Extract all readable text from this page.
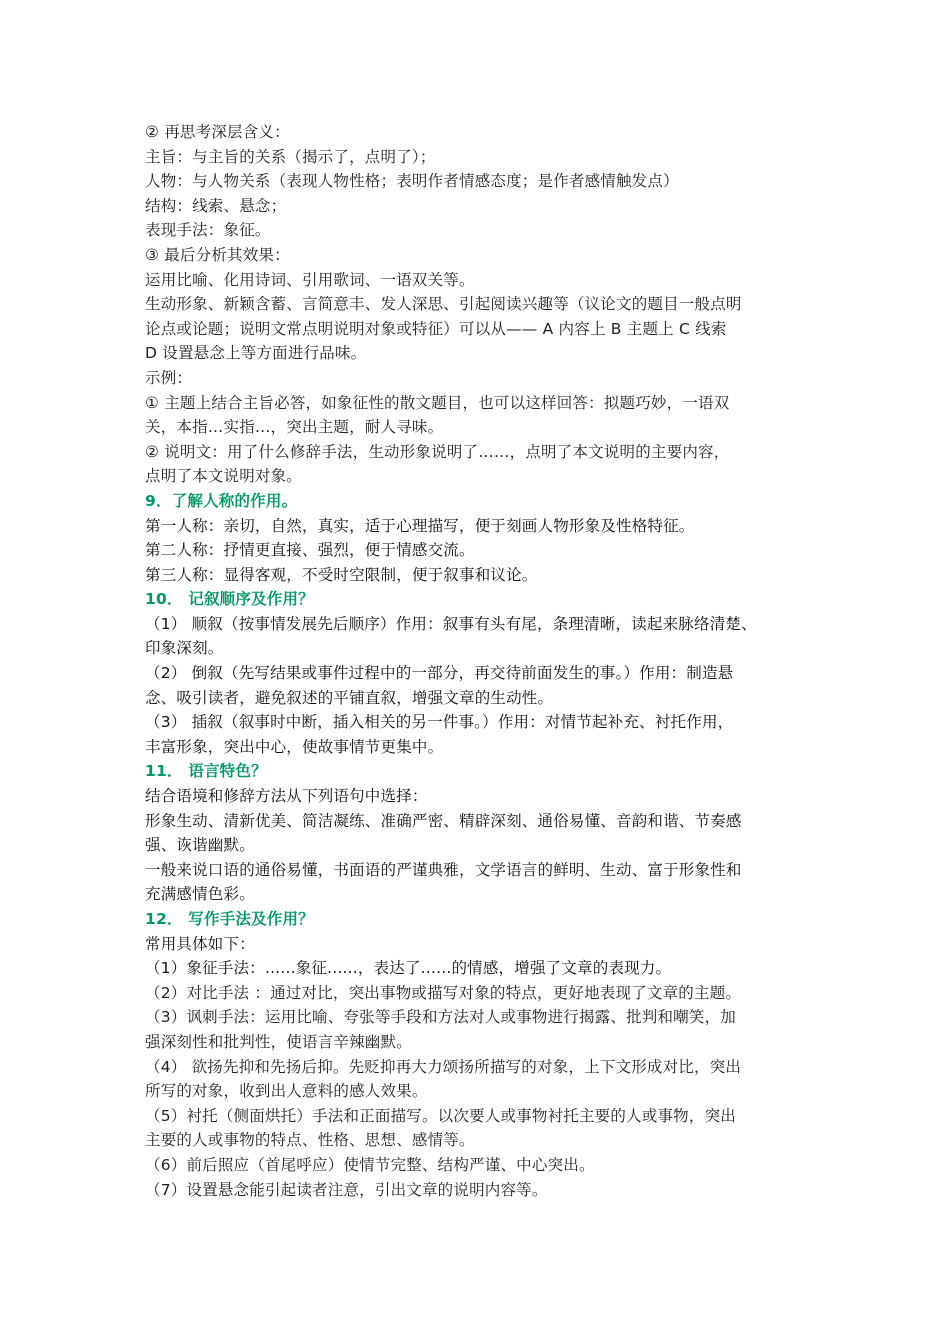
② 再思考深层含义：
主旨：与主旨的关系（揭示了，点明了）；
人物：与人物关系（表现人物性格；表明作者情感态度；是作者感情触发点）
结构：线索、悬念；
表现手法：象征。
③ 最后分析其效果：
运用比喻、化用诗词、引用歌词、一语双关等。
生动形象、新颖含蓄、言简意丰、发人深思、引起阅读兴趣等（议论文的题目一般点明
论点或论题；说明文常点明说明对象或特征）可以从—— A 内容上 B 主题上 C 线索
D 设置悬念上等方面进行品味。
示例：
① 主题上结合主旨必答，如象征性的散文题目，也可以这样回答：拟题巧妙，一语双
关，本指…实指…，突出主题，耐人寻味。
② 说明文：用了什么修辞手法，生动形象说明了……，点明了本文说明的主要内容，
点明了本文说明对象。
9．了解人称的作用。
第一人称：亲切，自然，真实，适于心理描写，便于刻画人物形象及性格特征。
第二人称：抒情更直接、强烈，便于情感交流。
第三人称：显得客观，不受时空限制，便于叙事和议论。
10． 记叙顺序及作用？
（1） 顺叙（按事情发展先后顺序）作用：叙事有头有尾，条理清晰，读起来脉络清楚、
印象深刻。
（2） 倒叙（先写结果或事件过程中的一部分，再交待前面发生的事。）作用：制造悬
念、吸引读者，避免叙述的平铺直叙，增强文章的生动性。
（3） 插叙（叙事时中断，插入相关的另一件事。）作用：对情节起补充、衬托作用，
丰富形象，突出中心，使故事情节更集中。
11． 语言特色？
结合语境和修辞方法从下列语句中选择：
形象生动、清新优美、简洁凝练、准确严密、精辟深刻、通俗易懂、音韵和谐、节奏感
强、诙谐幽默。
一般来说口语的通俗易懂，书面语的严谨典雅，文学语言的鲜明、生动、富于形象性和
充满感情色彩。
12． 写作手法及作用？
常用具体如下：
（1）象征手法：......象征......，表达了......的情感，增强了文章的表现力。
（2）对比手法 ：通过对比，突出事物或描写对象的特点，更好地表现了文章的主题。
（3）讽刺手法：运用比喻、夸张等手段和方法对人或事物进行揭露、批判和嘲笑，加
强深刻性和批判性，使语言辛辣幽默。
（4） 欲扬先抑和先扬后抑。先贬抑再大力颂扬所描写的对象，上下文形成对比，突出
所写的对象，收到出人意料的感人效果。
（5）衬托（侧面烘托）手法和正面描写。以次要人或事物衬托主要的人或事物，突出
主要的人或事物的特点、性格、思想、感情等。
（6）前后照应（首尾呼应）使情节完整、结构严谨、中心突出。
（7）设置悬念能引起读者注意，引出文章的说明内容等。
